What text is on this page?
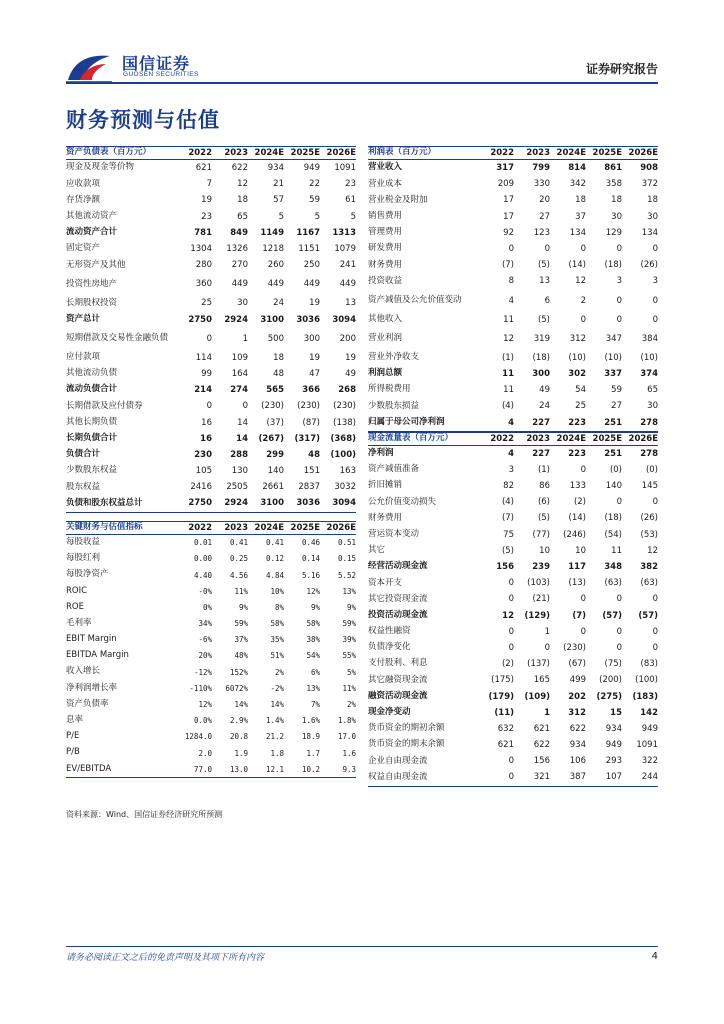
国信证券
GUOSEN SECURITIES	证券研究报告
财务预测与估值
资产负债表（百万元）	2022	2023 2024E 2025E 2026E
现金及现金等价物	621	622	934	949	1091
应收款项	7	12	21	22	23
存货净额	19	18	57	59	61
其他流动资产	23	65	5	5	5
流动资产合计	781	849	1149	1167	1313
固定资产	1304	1326	1218	1151	1079
无形资产及其他	280	270	260	250	241
投资性房地产	360	449	449	449	449
长期股权投资	25	30	24	19	13
资产总计	2750	2924	3100	3036	3094
短期借款及交易性金融负债	0	1	500	300	200
应付款项	114	109	18	19	19
其他流动负债	99	164	48	47	49
流动负债合计	214	274	565	366	268
长期借款及应付债券	0	0	(230)	(230)	(230)
其他长期负债	16	14	(37)	(87)	(138)
长期负债合计	16	14	(267)	(317)	(368)
负债合计	230	288	299	48	(100)
少数股东权益	105	130	140	151	163
股东权益	2416	2505	2661	2837	3032
负债和股东权益总计	2750	2924	3100	3036	3094
关键财务与估值指标	2022	2023 2024E 2025E 2026E
每股收益	0.01	0.41	0.41	0.46	0.51
每股红利	0.00	0.25	0.12	0.14	0.15
每股净资产	4.40	4.56	4.84	5.16	5.52
ROIC	-0%	11%	10%	12%	13%
ROE	0%	9%	8%	9%	9%
毛利率	34%	59%	58%	58%	59%
EBIT Margin	-6%	37%	35%	38%	39%
EBITDA Margin	20%	48%	51%	54%	55%
收入增长	-12%	152%	2%	6%	5%
净利润增长率	-110%	6072%	-2%	13%	11%
资产负债率	12%	14%	14%	7%	2%
息率	0.0%	2.9%	1.4%	1.6%	1.8%
P/E	1284.0	20.8	21.2	18.9	17.0
P/B	2.0	1.9	1.8	1.7	1.6
EV/EBITDA	77.0	13.0	12.1	10.2	9.3
利润表（百万元）	2022	2023 2024E 2025E 2026E
营业收入	317	799	814	861	908
营业成本	209	330	342	358	372
营业税金及附加	17	20	18	18	18
销售费用	17	27	37	30	30
管理费用	92	123	134	129	134
研发费用	0	0	0	0	0
财务费用	(7)	(5)	(14)	(18)	(26)
投资收益	8	13	12	3	3
资产减值及公允价值变动	4	6	2	0	0
其他收入	11	(5)	0	0	0
营业利润	12	319	312	347	384
营业外净收支	(1)	(18)	(10)	(10)	(10)
利润总额	11	300	302	337	374
所得税费用	11	49	54	59	65
少数股东损益	(4)	24	25	27	30
归属于母公司净利润	4	227	223	251	278
现金流量表（百万元）	2022	2023 2024E 2025E 2026E
净利润	4	227	223	251	278
资产减值准备	3	(1)	0	(0)	(0)
折旧摊销	82	86	133	140	145
公允价值变动损失	(4)	(6)	(2)	0	0
财务费用	(7)	(5)	(14)	(18)	(26)
营运资本变动	75	(77)	(246)	(54)	(53)
其它	(5)	10	10	11	12
经营活动现金流	156	239	117	348	382
资本开支	0	(103)	(13)	(63)	(63)
其它投资现金流	0	(21)	0	0	0
投资活动现金流	12	(129)	(7)	(57)	(57)
权益性融资	0	1	0	0	0
负债净变化	0	0	(230)	0	0
支付股利、利息	(2)	(137)	(67)	(75)	(83)
其它融资现金流	(175)	165	499	(200)	(100)
融资活动现金流	(179)	(109)	202	(275)	(183)
现金净变动	(11)	1	312	15	142
货币资金的期初余额	632	621	622	934	949
货币资金的期末余额	621	622	934	949	1091
企业自由现金流	0	156	106	293	322
权益自由现金流	0	321	387	107	244
资料来源：Wind、国信证券经济研究所预测
请务必阅读正文之后的免责声明及其项下所有内容	4
